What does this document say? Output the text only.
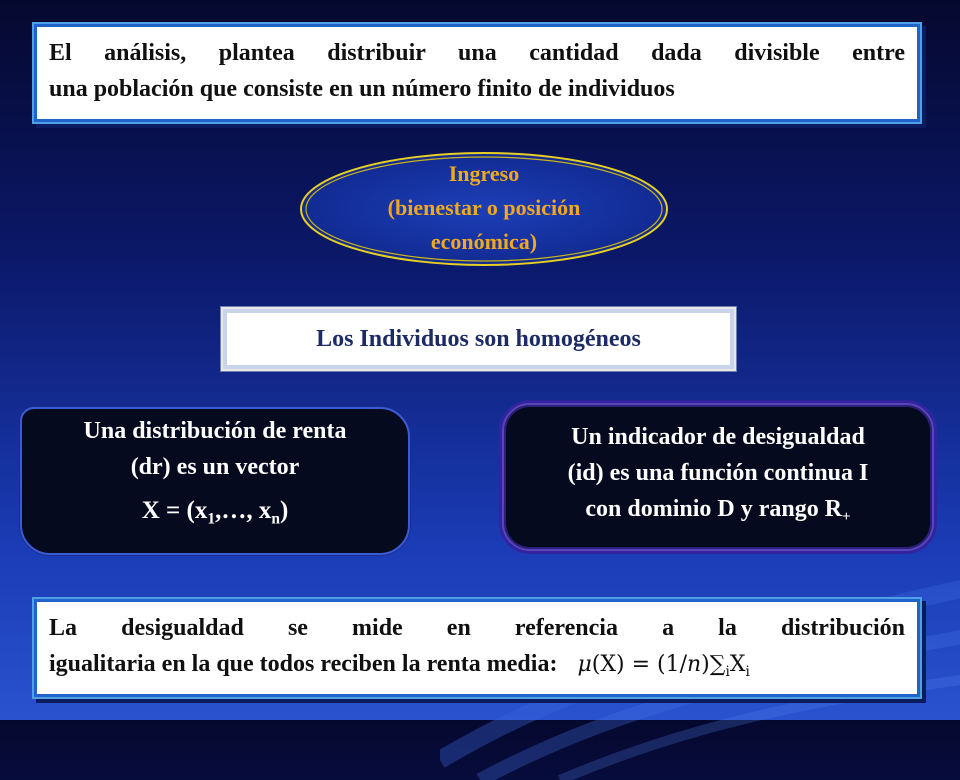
El análisis, plantea distribuir una cantidad dada divisible entre

una población que consiste en un número finito de individuos

Ingreso
(bienestar o posición
económica)
Los Individuos son homogéneos

Una distribución de renta

(dr) es un vector

$X = (x_1,\dots$, $x_n$)

Un indicador de desigualdad

(id) es una función continua I

con dominio D y rango $R_+$

La desigualdad se mide en referencia a la distribución

igualitaria en la que todos reciben la renta media: $\mu(X) = (1/n)\sum_iX_i$
